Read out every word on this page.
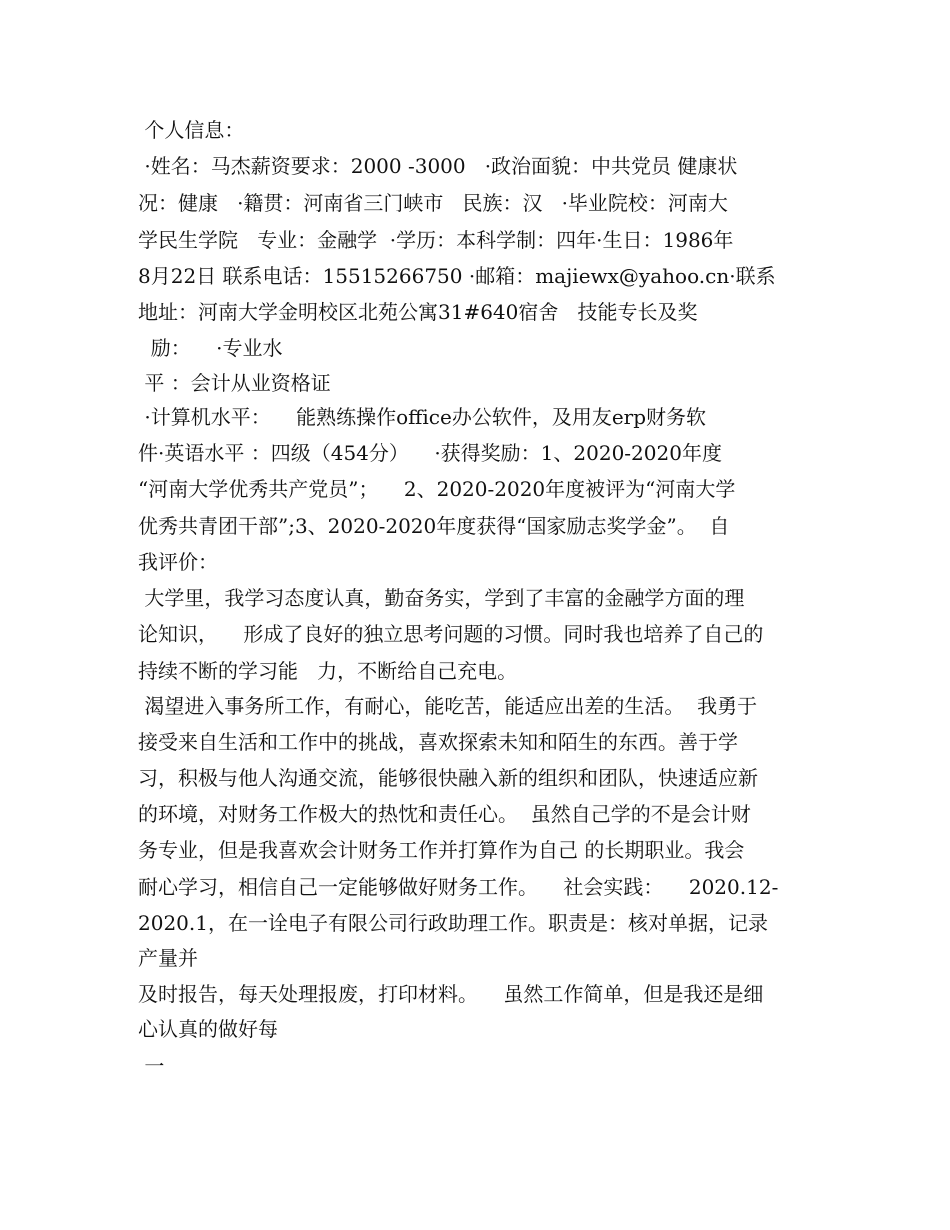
个人信息：

·姓名：马杰薪资要求：2000 -3000   ·政治面貌：中共党员 健康状

况：健康   ·籍贯：河南省三门峡市   民族：汉   ·毕业院校：河南大

学民生学院   专业：金融学  ·学历：本科学制：四年·生日：1986年

8月22日 联系电话：15515266750 ·邮箱：majiewx@yahoo.cn·联系

地址：河南大学金明校区北苑公寓31#640宿舍   技能专长及奖

励：    ·专业水

平 ：会计从业资格证

·计算机水平：    能熟练操作office办公软件，及用友erp财务软

件·英语水平 ：四级（454分）    ·获得奖励：1、2020-2020年度

“河南大学优秀共产党员”；    2、2020-2020年度被评为“河南大学

优秀共青团干部”;3、2020-2020年度获得“国家励志奖学金”。  自

我评价：

大学里，我学习态度认真，勤奋务实，学到了丰富的金融学方面的理

论知识，    形成了良好的独立思考问题的习惯。同时我也培养了自己的

持续不断的学习能   力，不断给自己充电。

渴望进入事务所工作，有耐心，能吃苦，能适应出差的生活。  我勇于

接受来自生活和工作中的挑战，喜欢探索未知和陌生的东西。善于学

习，积极与他人沟通交流，能够很快融入新的组织和团队，快速适应新

的环境，对财务工作极大的热忱和责任心。  虽然自己学的不是会计财

务专业，但是我喜欢会计财务工作并打算作为自己 的长期职业。我会

耐心学习，相信自己一定能够做好财务工作。    社会实践：    2020.12-

2020.1，在一诠电子有限公司行政助理工作。职责是：核对单据，记录

产量并

及时报告，每天处理报废，打印材料。    虽然工作简单，但是我还是细

心认真的做好每

一
